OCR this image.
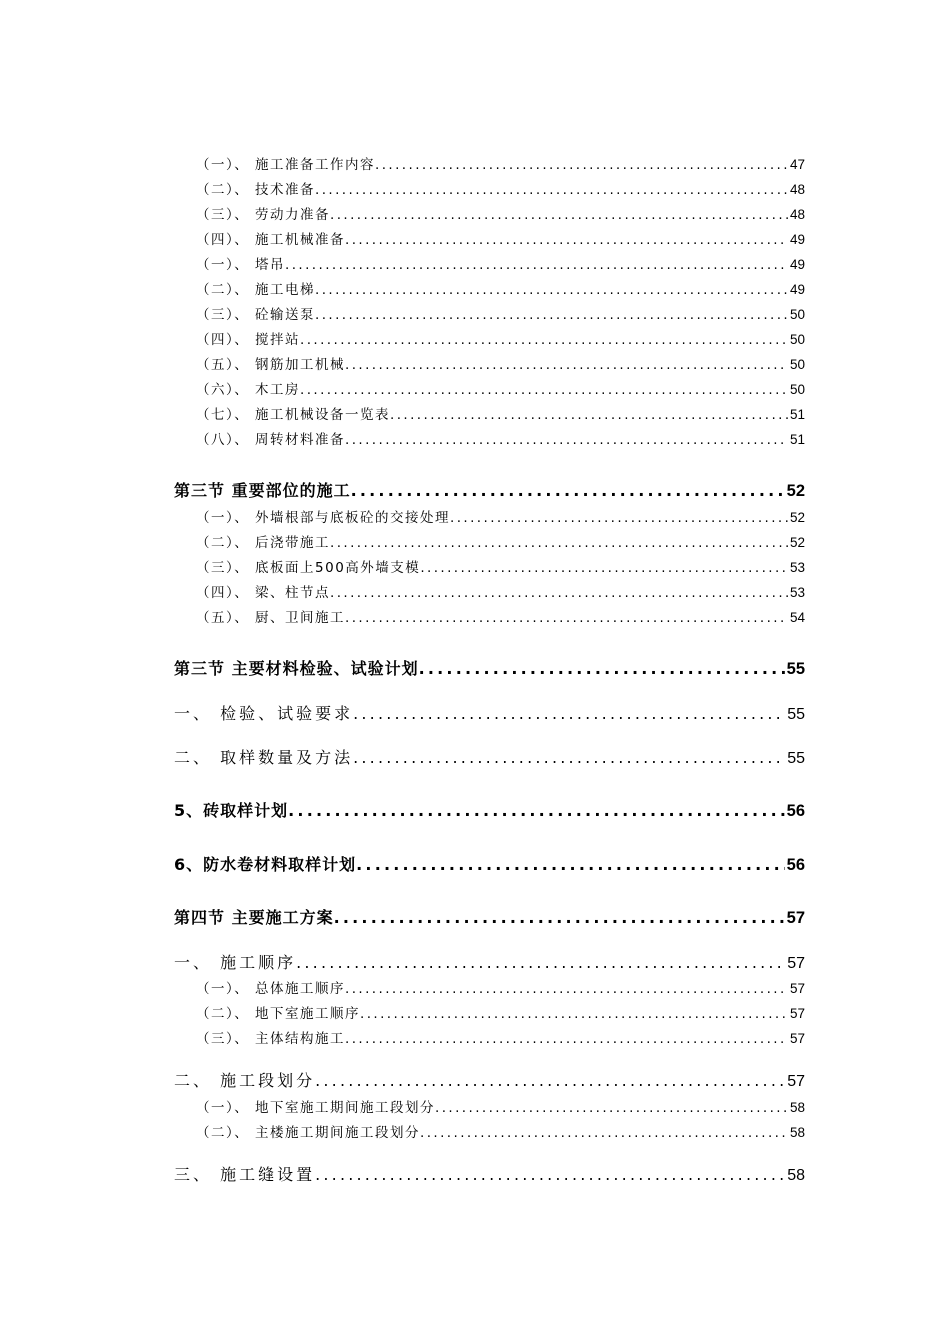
（一）、 施工准备工作内容 .....	47
（二）、 技术准备 .....	48
（三）、 劳动力准备 .....	48
（四）、 施工机械准备 .....	49
（一）、 塔吊 .....	49
（二）、 施工电梯 .....	49
（三）、 砼输送泵 .....	50
（四）、 搅拌站 .....	50
（五）、 钢筋加工机械 .....	50
（六）、 木工房 .....	50
（七）、 施工机械设备一览表 .....	51
（八）、 周转材料准备 .....	51
第三节 重要部位的施工 .....	52
（一）、 外墙根部与底板砼的交接处理 .....	52
（二）、 后浇带施工 .....	52
（三）、 底板面上500高外墙支模 .....	53
（四）、 梁、柱节点 .....	53
（五）、 厨、卫间施工 .....	54
第三节 主要材料检验、试验计划 .....	55
一、 检验、试验要求 .....	55
二、 取样数量及方法 .....	55
5、砖取样计划 .....	56
6、防水卷材料取样计划 .....	56
第四节 主要施工方案 .....	57
一、 施工顺序 .....	57
（一）、 总体施工顺序 .....	57
（二）、 地下室施工顺序 .....	57
（三）、 主体结构施工 .....	57
二、 施工段划分 .....	57
（一）、 地下室施工期间施工段划分 .....	58
（二）、 主楼施工期间施工段划分 .....	58
三、 施工缝设置 .....	58
